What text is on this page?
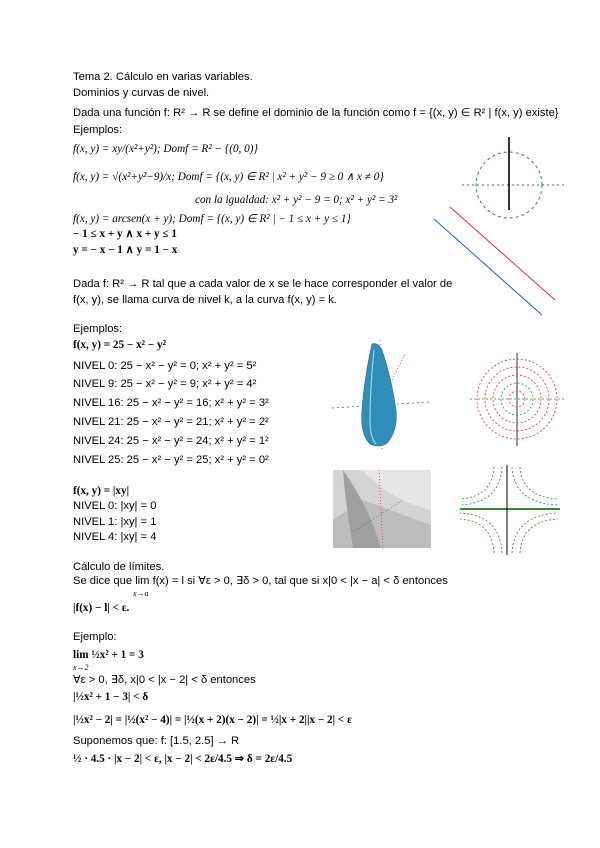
Tema 2. Cálculo en varias variables.
Dominios y curvas de nivel.
Dada una función f: R² → R se define el dominio de la función como f = {(x, y) ∈ R² | f(x, y) existe}
Ejemplos:
f(x, y) = xy/(x²+y²); Domf = R² − {(0, 0)}
f(x, y) = √(x²+y²−9)/x; Domf = {(x, y) ∈ R² | x² + y² − 9 ≥ 0 ∧ x ≠ 0}
con la igualdad: x² + y² − 9 = 0; x² + y² = 3²
f(x, y) = arcsen(x + y); Domf = {(x, y) ∈ R² | − 1 ≤ x + y ≤ 1}
− 1 ≤ x + y ∧ x + y ≤ 1
y = − x − 1 ∧ y = 1 − x
Dada f: R² → R tal que a cada valor de x se le hace corresponder el valor de
f(x, y), se llama curva de nivel k, a la curva f(x, y) = k.
Ejemplos:
f(x, y) = 25 − x² − y²
NIVEL 0: 25 − x² − y² = 0; x² + y² = 5²
NIVEL 9: 25 − x² − y² = 9; x² + y² = 4²
NIVEL 16: 25 − x² − y² = 16; x² + y² = 3²
NIVEL 21: 25 − x² − y² = 21; x² + y² = 2²
NIVEL 24: 25 − x² − y² = 24; x² + y² = 1²
NIVEL 25: 25 − x² − y² = 25; x² + y² = 0²
f(x, y) = |xy|
NIVEL 0: |xy| = 0
NIVEL 1: |xy| = 1
NIVEL 4: |xy| = 4
Cálculo de límites.
Se dice que lim f(x) = l si ∀ε > 0, ∃δ > 0, tal que si x|0 < |x − a| < δ entonces
x→a
|f(x) − l| < ε.
Ejemplo:
lim ½x² + 1 = 3
x→2
∀ε > 0, ∃δ, x|0 < |x − 2| < δ entonces
|½x² + 1 − 3| < δ
|½x² − 2| = |½(x² − 4)| = |½(x + 2)(x − 2)| = ½|x + 2||x − 2| < ε
Suponemos que: f: [1.5, 2.5] → R
½ · 4.5 · |x − 2| < ε, |x − 2| < 2ε/4.5 ⇒ δ = 2ε/4.5
